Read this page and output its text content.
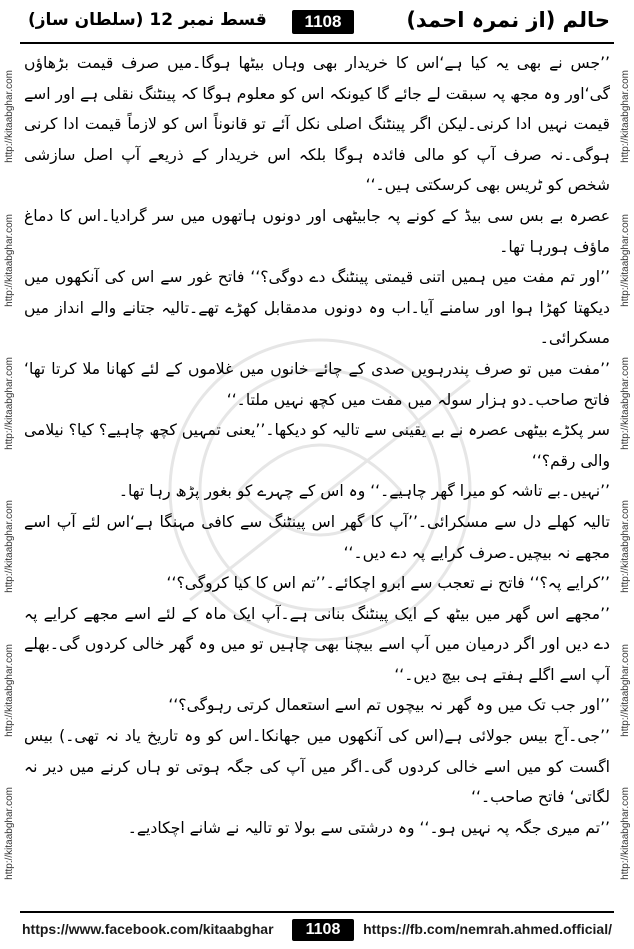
قسط نمبر 12 (سلطان ساز)	1108	حالم (از نمرہ احمد)
http://kitaabghar.com
http://kitaabghar.com
http://kitaabghar.com
http://kitaabghar.com
http://kitaabghar.com
http://kitaabghar.com
http://kitaabghar.com
http://kitaabghar.com
http://kitaabghar.com
http://kitaabghar.com
http://kitaabghar.com
http://kitaabghar.com

’’جس نے بھی یہ کیا ہے‘اس کا خریدار بھی وہاں بیٹھا ہوگا۔میں صرف قیمت بڑھاؤں گی‘اور وہ مجھ پہ سبقت لے جائے گا کیونکہ اس کو معلوم ہوگا کہ پینٹنگ نقلی ہے اور اسے قیمت نہیں ادا کرنی۔لیکن اگر پینٹنگ اصلی نکل آئے تو قانوناً اس کو لازماً قیمت ادا کرنی ہوگی۔نہ صرف آپ کو مالی فائدہ ہوگا بلکہ اس خریدار کے ذریعے آپ اصل سازشی شخص کو ٹریس بھی کرسکتی ہیں۔‘‘

عصرہ بے بس سی بیڈ کے کونے پہ جابیٹھی اور دونوں ہاتھوں میں سر گرادیا۔اس کا دماغ ماؤف ہورہا تھا۔

’’اور تم مفت میں ہمیں اتنی قیمتی پینٹنگ دے دوگی؟‘‘ فاتح غور سے اس کی آنکھوں میں دیکھتا کھڑا ہوا اور سامنے آیا۔اب وہ دونوں مدمقابل کھڑے تھے۔تالیہ جتانے والے انداز میں مسکرائی۔

’’مفت میں تو صرف پندرہویں صدی کے چائے خانوں میں غلاموں کے لئے کھانا ملا کرتا تھا‘ فاتح صاحب۔دو ہزار سولہ میں مفت میں کچھ نہیں ملتا۔‘‘

سر پکڑے بیٹھی عصرہ نے بے یقینی سے تالیہ کو دیکھا۔’’یعنی تمہیں کچھ چاہیے؟ کیا؟ نیلامی والی رقم؟‘‘

’’نہیں۔بے تاشہ کو میرا گھر چاہیے۔‘‘ وہ اس کے چہرے کو بغور پڑھ رہا تھا۔

تالیہ کھلے دل سے مسکرائی۔’’آپ کا گھر اس پینٹنگ سے کافی مہنگا ہے‘اس لئے آپ اسے مجھے نہ بیچیں۔صرف کرایے پہ دے دیں۔‘‘

’’کرایے پہ؟‘‘ فاتح نے تعجب سے ابرو اچکائے۔’’تم اس کا کیا کروگی؟‘‘

’’مجھے اس گھر میں بیٹھ کے ایک پینٹنگ بنانی ہے۔آپ ایک ماہ کے لئے اسے مجھے کرایے پہ دے دیں اور اگر درمیان میں آپ اسے بیچنا بھی چاہیں تو میں وہ گھر خالی کردوں گی۔بھلے آپ اسے اگلے ہفتے ہی بیچ دیں۔‘‘

’’اور جب تک میں وہ گھر نہ بیچوں تم اسے استعمال کرتی رہوگی؟‘‘

’’جی۔آج بیس جولائی ہے(اس کی آنکھوں میں جھانکا۔اس کو وہ تاریخ یاد نہ تھی۔) بیس اگست کو میں اسے خالی کردوں گی۔اگر میں آپ کی جگہ ہوتی تو ہاں کرنے میں دیر نہ لگاتی‘ فاتح صاحب۔‘‘

’’تم میری جگہ پہ نہیں ہو۔‘‘ وہ درشتی سے بولا تو تالیہ نے شانے اچکادیے۔

https://www.facebook.com/kitaabghar	1108	https://fb.com/nemrah.ahmed.official/
